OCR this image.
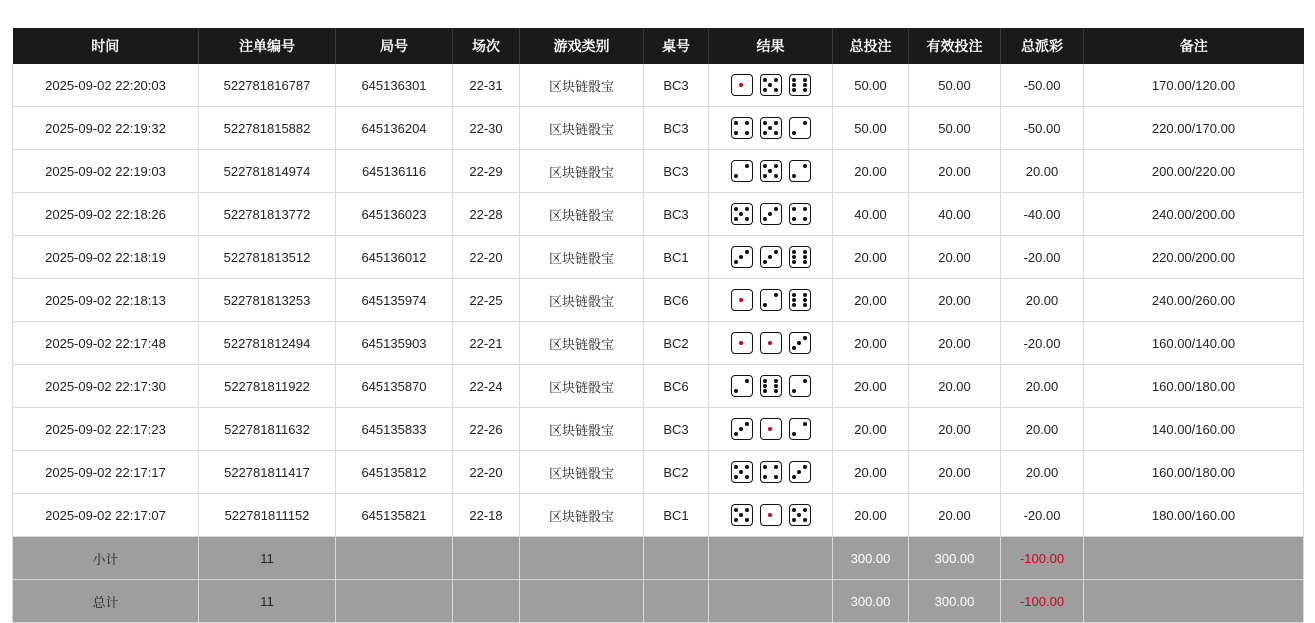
时间	注单编号	局号	场次	游戏类别	桌号	结果	总投注	有效投注	总派彩	备注
2025-09-02 22:20:03	522781816787	645136301	22-31	区块链骰宝	BC3		50.00	50.00	-50.00	170.00/120.00
2025-09-02 22:19:32	522781815882	645136204	22-30	区块链骰宝	BC3		50.00	50.00	-50.00	220.00/170.00
2025-09-02 22:19:03	522781814974	645136116	22-29	区块链骰宝	BC3		20.00	20.00	20.00	200.00/220.00
2025-09-02 22:18:26	522781813772	645136023	22-28	区块链骰宝	BC3		40.00	40.00	-40.00	240.00/200.00
2025-09-02 22:18:19	522781813512	645136012	22-20	区块链骰宝	BC1		20.00	20.00	-20.00	220.00/200.00
2025-09-02 22:18:13	522781813253	645135974	22-25	区块链骰宝	BC6		20.00	20.00	20.00	240.00/260.00
2025-09-02 22:17:48	522781812494	645135903	22-21	区块链骰宝	BC2		20.00	20.00	-20.00	160.00/140.00
2025-09-02 22:17:30	522781811922	645135870	22-24	区块链骰宝	BC6		20.00	20.00	20.00	160.00/180.00
2025-09-02 22:17:23	522781811632	645135833	22-26	区块链骰宝	BC3		20.00	20.00	20.00	140.00/160.00
2025-09-02 22:17:17	522781811417	645135812	22-20	区块链骰宝	BC2		20.00	20.00	20.00	160.00/180.00
2025-09-02 22:17:07	522781811152	645135821	22-18	区块链骰宝	BC1		20.00	20.00	-20.00	180.00/160.00
小计	11						300.00	300.00	-100.00	
总计	11						300.00	300.00	-100.00	
